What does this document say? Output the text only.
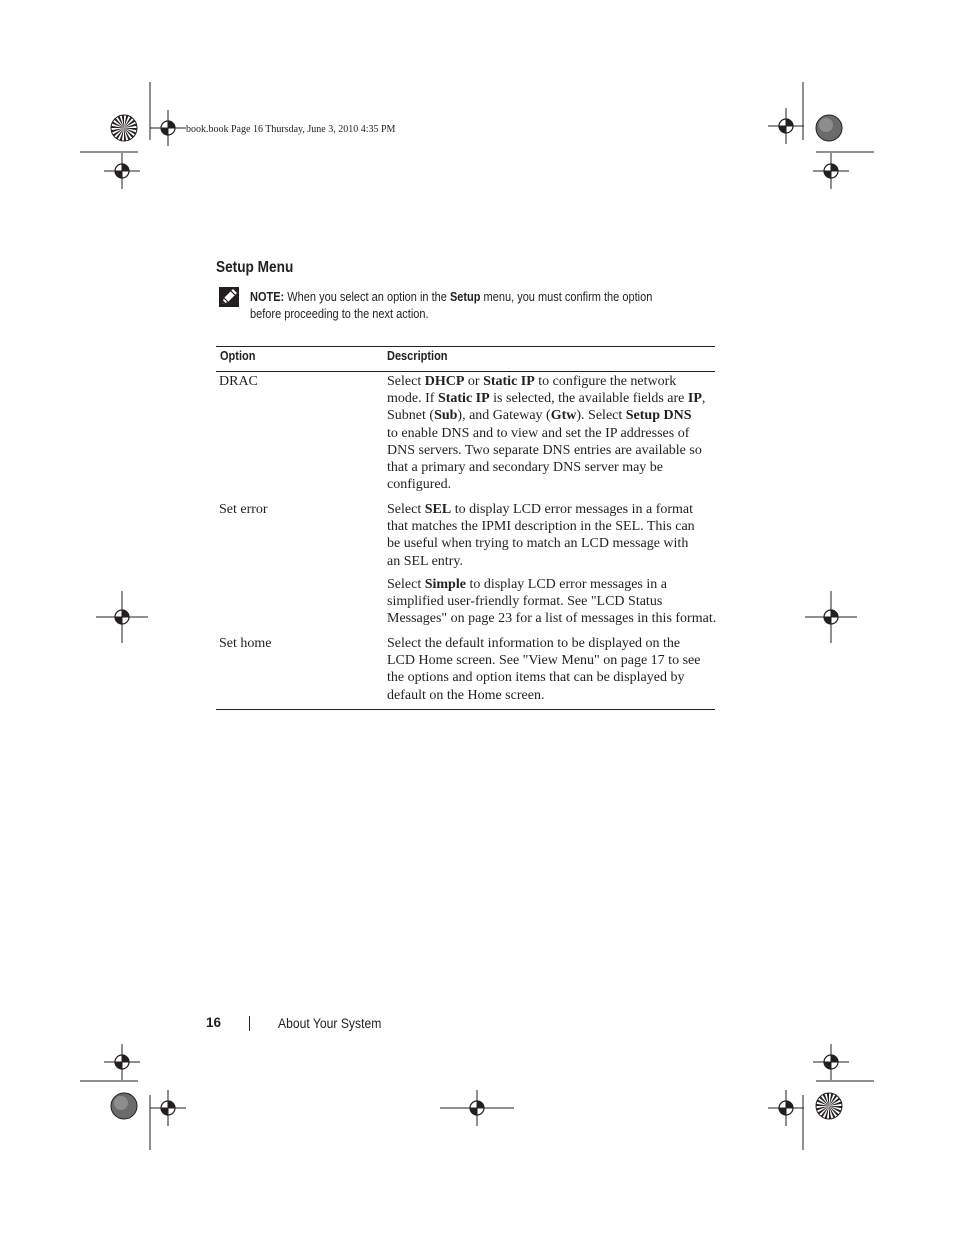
book.book Page 16 Thursday, June 3, 2010 4:35 PM
Setup Menu
NOTE: When you select an option in the Setup menu, you must confirm the option
before proceeding to the next action.
Option	Description
DRAC	Select DHCP or Static IP to configure the network
mode. If Static IP is selected, the available fields are IP,
Subnet (Sub), and Gateway (Gtw). Select Setup DNS
to enable DNS and to view and set the IP addresses of
DNS servers. Two separate DNS entries are available so
that a primary and secondary DNS server may be
configured.
Set error	Select SEL to display LCD error messages in a format
that matches the IPMI description in the SEL. This can
be useful when trying to match an LCD message with
an SEL entry.
Select Simple to display LCD error messages in a
simplified user-friendly format. See "LCD Status
Messages" on page 23 for a list of messages in this format.
Set home	Select the default information to be displayed on the
LCD Home screen. See "View Menu" on page 17 to see
the options and option items that can be displayed by
default on the Home screen.
16	About Your System
